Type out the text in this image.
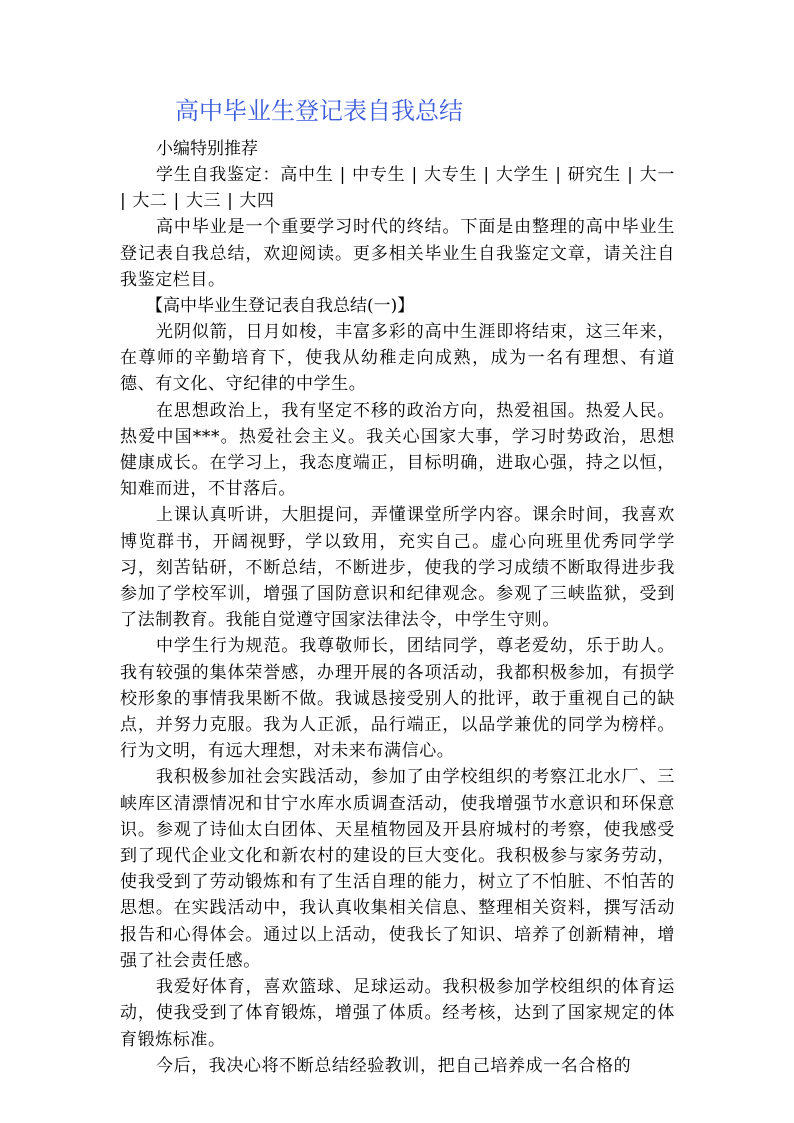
高中毕业生登记表自我总结

小编特别推荐

学生自我鉴定：高中生 | 中专生 | 大专生 | 大学生 | 研究生 | 大一 | 大二 | 大三 | 大四

高中毕业是一个重要学习时代的终结。下面是由整理的高中毕业生登记表自我总结，欢迎阅读。更多相关毕业生自我鉴定文章，请关注自我鉴定栏目。

【高中毕业生登记表自我总结(一)】

光阴似箭，日月如梭，丰富多彩的高中生涯即将结束，这三年来，在尊师的辛勤培育下，使我从幼稚走向成熟，成为一名有理想、有道德、有文化、守纪律的中学生。

在思想政治上，我有坚定不移的政治方向，热爱祖国。热爱人民。热爱中国***。热爱社会主义。我关心国家大事，学习时势政治，思想健康成长。在学习上，我态度端正，目标明确，进取心强，持之以恒，知难而进，不甘落后。

上课认真听讲，大胆提问，弄懂课堂所学内容。课余时间，我喜欢博览群书，开阔视野，学以致用，充实自己。虚心向班里优秀同学学习，刻苦钻研，不断总结，不断进步，使我的学习成绩不断取得进步我参加了学校军训，增强了国防意识和纪律观念。参观了三峡监狱，受到了法制教育。我能自觉遵守国家法律法令，中学生守则。

中学生行为规范。我尊敬师长，团结同学，尊老爱幼，乐于助人。我有较强的集体荣誉感，办理开展的各项活动，我都积极参加，有损学校形象的事情我果断不做。我诚恳接受别人的批评，敢于重视自己的缺点，并努力克服。我为人正派，品行端正，以品学兼优的同学为榜样。行为文明，有远大理想，对未来布满信心。

我积极参加社会实践活动，参加了由学校组织的考察江北水厂、三峡库区清漂情况和甘宁水库水质调查活动，使我增强节水意识和环保意识。参观了诗仙太白团体、天星植物园及开县府城村的考察，使我感受到了现代企业文化和新农村的建设的巨大变化。我积极参与家务劳动，使我受到了劳动锻炼和有了生活自理的能力，树立了不怕脏、不怕苦的思想。在实践活动中，我认真收集相关信息、整理相关资料，撰写活动报告和心得体会。通过以上活动，使我长了知识、培养了创新精神，增强了社会责任感。

我爱好体育，喜欢篮球、足球运动。我积极参加学校组织的体育运动，使我受到了体育锻炼，增强了体质。经考核，达到了国家规定的体育锻炼标准。

今后，我决心将不断总结经验教训，把自己培养成一名合格的
